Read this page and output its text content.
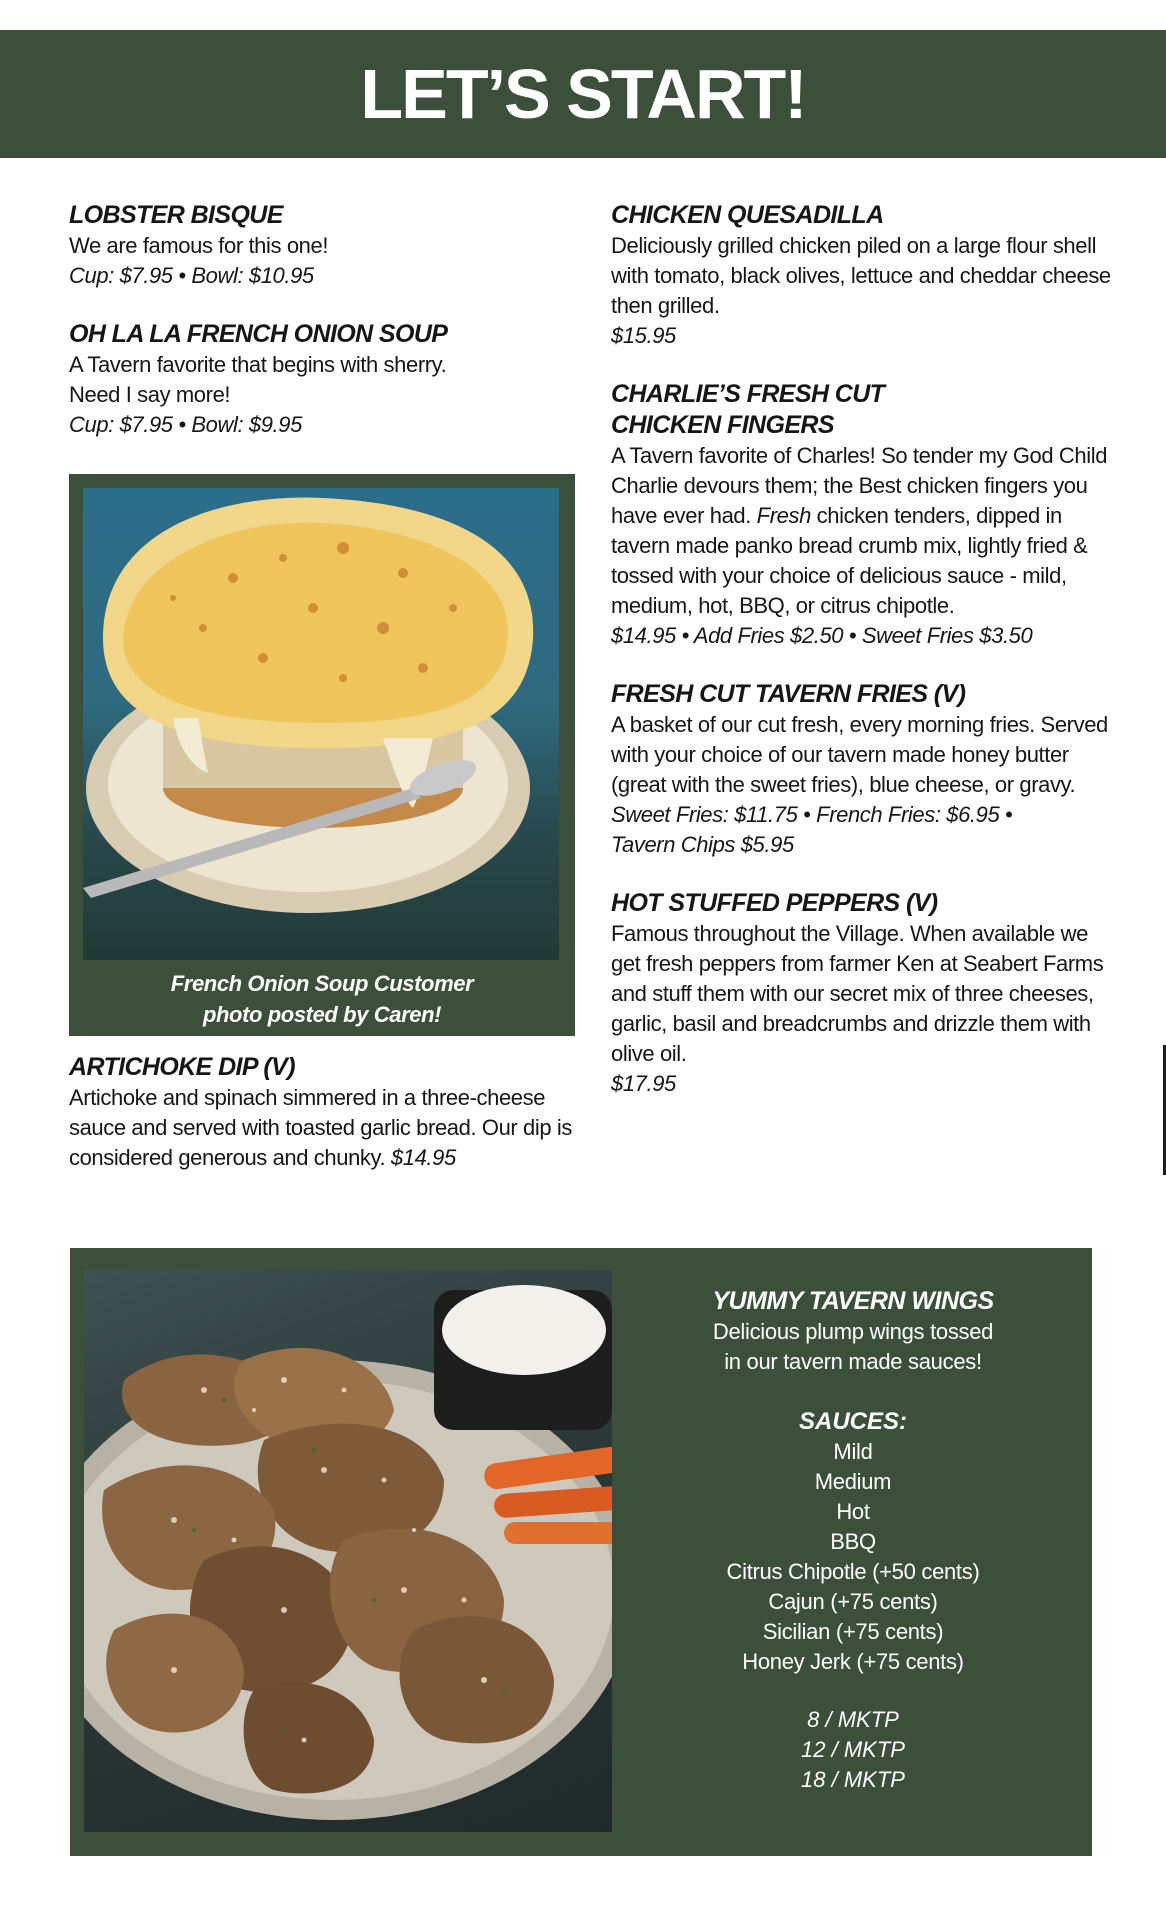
LET’S START!
LOBSTER BISQUE

We are famous for this one!

Cup: $7.95 • Bowl: $10.95

OH LA LA FRENCH ONION SOUP

A Tavern favorite that begins with sherry.

Need I say more!

Cup: $7.95 • Bowl: $9.95

French Onion Soup Customer
photo posted by Caren!
ARTICHOKE DIP (V)

Artichoke and spinach simmered in a three-cheese sauce and served with toasted garlic bread. Our dip is considered generous and chunky. $14.95

CHICKEN QUESADILLA

Deliciously grilled chicken piled on a large flour shell with tomato, black olives, lettuce and cheddar cheese then grilled.

$15.95

CHARLIE’S FRESH CUT
CHICKEN FINGERS

A Tavern favorite of Charles! So tender my God Child Charlie devours them; the Best chicken fingers you have ever had. Fresh chicken tenders, dipped in tavern made panko bread crumb mix, lightly fried & tossed with your choice of delicious sauce - mild, medium, hot, BBQ, or citrus chipotle.

$14.95 • Add Fries $2.50 • Sweet Fries $3.50

FRESH CUT TAVERN FRIES (V)

A basket of our cut fresh, every morning fries. Served with your choice of our tavern made honey butter (great with the sweet fries), blue cheese, or gravy.

Sweet Fries: $11.75 • French Fries: $6.95 •

Tavern Chips $5.95

HOT STUFFED PEPPERS (V)

Famous throughout the Village. When available we get fresh peppers from farmer Ken at Seabert Farms and stuff them with our secret mix of three cheeses, garlic, basil and breadcrumbs and drizzle them with olive oil.

$17.95

YUMMY TAVERN WINGS

Delicious plump wings tossed

in our tavern made sauces!

SAUCES:

Mild

Medium

Hot

BBQ

Citrus Chipotle (+50 cents)

Cajun (+75 cents)

Sicilian (+75 cents)

Honey Jerk (+75 cents)

8 / MKTP

12 / MKTP

18 / MKTP
